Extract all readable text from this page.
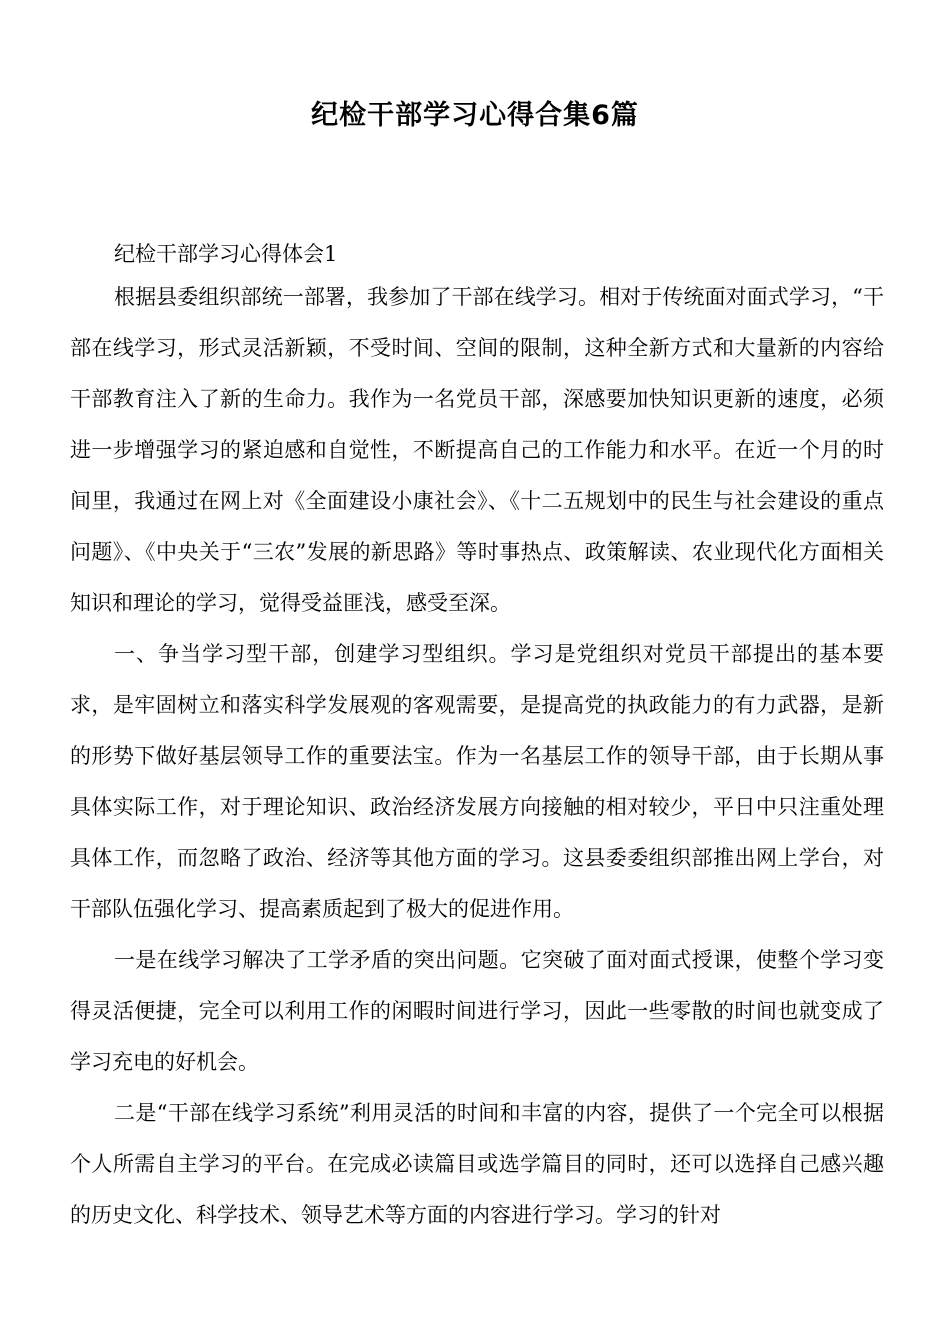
纪检干部学习心得合集6篇

纪检干部学习心得体会1

根据县委组织部统一部署，我参加了干部在线学习。相对于传统面对面式学习，“干部在线学习，形式灵活新颖，不受时间、空间的限制，这种全新方式和大量新的内容给干部教育注入了新的生命力。我作为一名党员干部，深感要加快知识更新的速度，必须进一步增强学习的紧迫感和自觉性，不断提高自己的工作能力和水平。在近一个月的时间里，我通过在网上对《全面建设小康社会》、《十二五规划中的民生与社会建设的重点问题》、《中央关于“三农”发展的新思路》等时事热点、政策解读、农业现代化方面相关知识和理论的学习，觉得受益匪浅，感受至深。

一、争当学习型干部，创建学习型组织。学习是党组织对党员干部提出的基本要求，是牢固树立和落实科学发展观的客观需要，是提高党的执政能力的有力武器，是新的形势下做好基层领导工作的重要法宝。作为一名基层工作的领导干部，由于长期从事具体实际工作，对于理论知识、政治经济发展方向接触的相对较少，平日中只注重处理具体工作，而忽略了政治、经济等其他方面的学习。这县委委组织部推出网上学台，对干部队伍强化学习、提高素质起到了极大的促进作用。

一是在线学习解决了工学矛盾的突出问题。它突破了面对面式授课，使整个学习变得灵活便捷，完全可以利用工作的闲暇时间进行学习，因此一些零散的时间也就变成了学习充电的好机会。

二是“干部在线学习系统”利用灵活的时间和丰富的内容，提供了一个完全可以根据个人所需自主学习的平台。在完成必读篇目或选学篇目的同时，还可以选择自己感兴趣的历史文化、科学技术、领导艺术等方面的内容进行学习。学习的针对
